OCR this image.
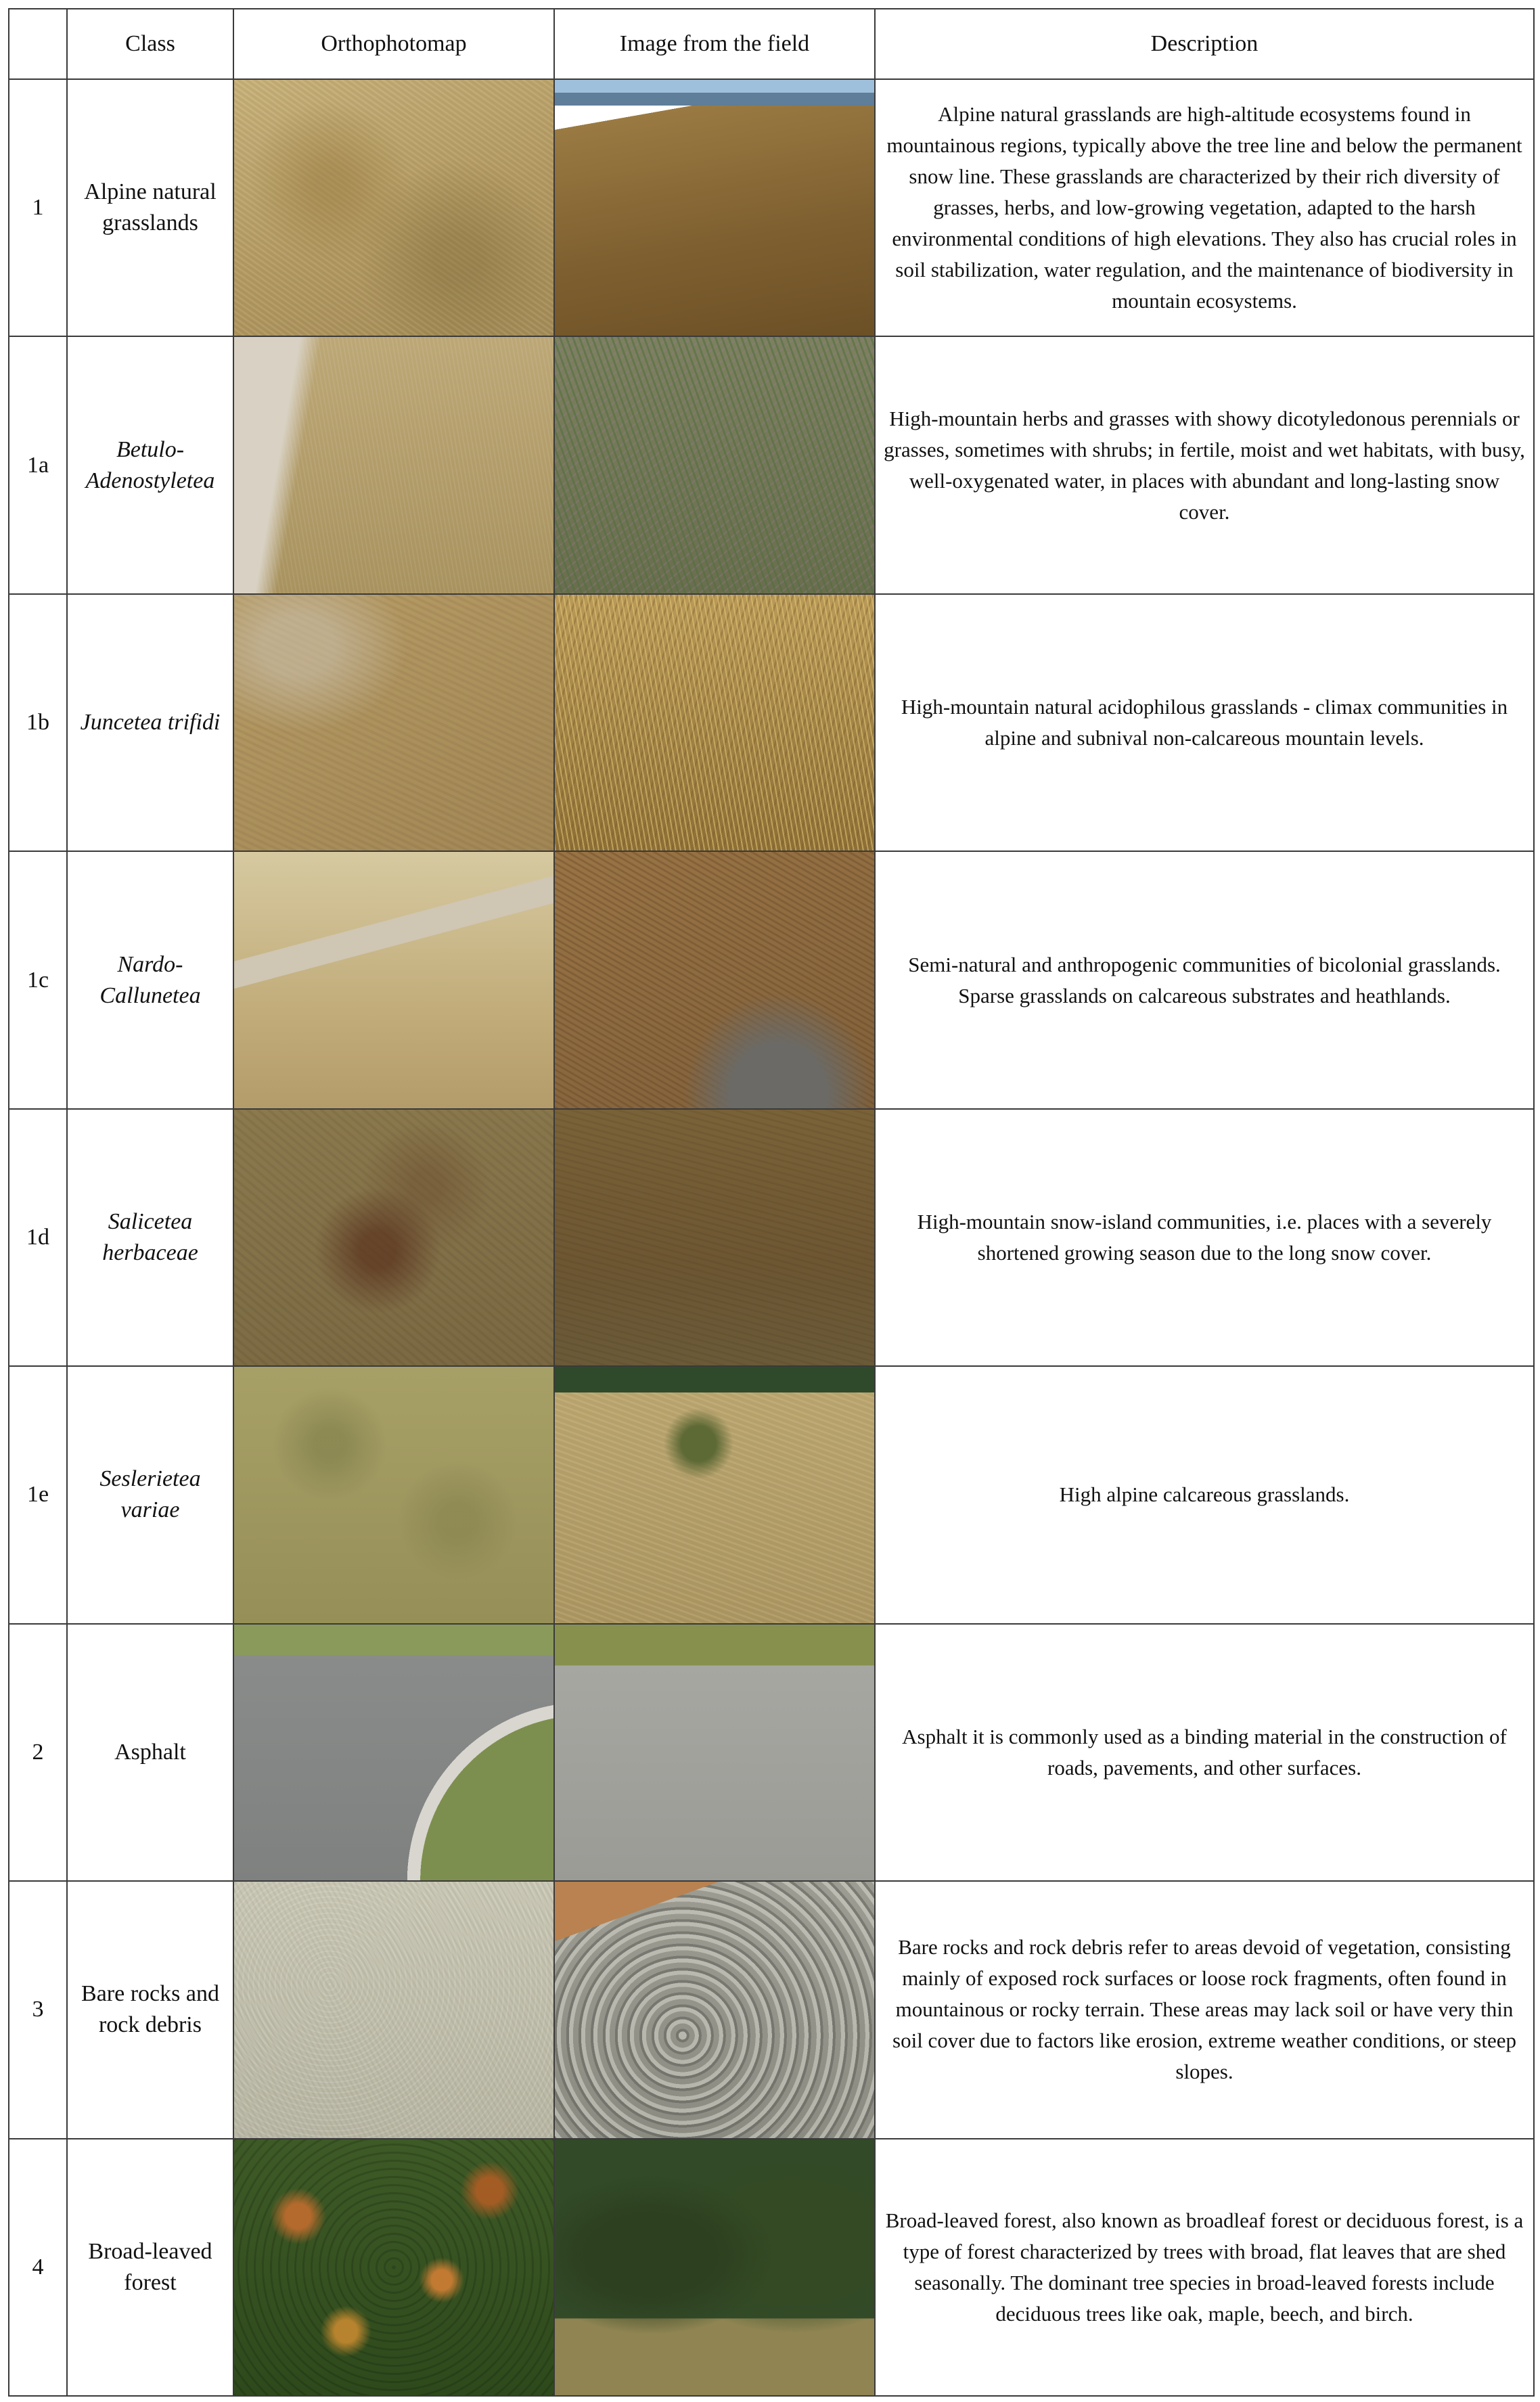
	Class	Orthophotomap	Image from the field	Description
1	Alpine natural grasslands			Alpine natural grasslands are high-altitude ecosystems found in mountainous regions, typically above the tree line and below the permanent snow line. These grasslands are characterized by their rich diversity of grasses, herbs, and low-growing vegetation, adapted to the harsh environmental conditions of high elevations. They also has crucial roles in soil stabilization, water regulation, and the maintenance of biodiversity in mountain ecosystems.
1a	Betulo-Adenostyletea			High-mountain herbs and grasses with showy dicotyledonous perennials or grasses, sometimes with shrubs; in fertile, moist and wet habitats, with busy, well-oxygenated water, in places with abundant and long-lasting snow cover.
1b	Juncetea trifidi			High-mountain natural acidophilous grasslands - climax communities in alpine and subnival non-calcareous mountain levels.
1c	Nardo-Callunetea			Semi-natural and anthropogenic communities of bicolonial grasslands. Sparse grasslands on calcareous substrates and heathlands.
1d	Salicetea herbaceae			High-mountain snow-island communities, i.e. places with a severely shortened growing season due to the long snow cover.
1e	Seslerietea variae			High alpine calcareous grasslands.
2	Asphalt			Asphalt it is commonly used as a binding material in the construction of roads, pavements, and other surfaces.
3	Bare rocks and rock debris			Bare rocks and rock debris refer to areas devoid of vegetation, consisting mainly of exposed rock surfaces or loose rock fragments, often found in mountainous or rocky terrain. These areas may lack soil or have very thin soil cover due to factors like erosion, extreme weather conditions, or steep slopes.
4	Broad-leaved forest			Broad-leaved forest, also known as broadleaf forest or deciduous forest, is a type of forest characterized by trees with broad, flat leaves that are shed seasonally. The dominant tree species in broad-leaved forests include deciduous trees like oak, maple, beech, and birch.
